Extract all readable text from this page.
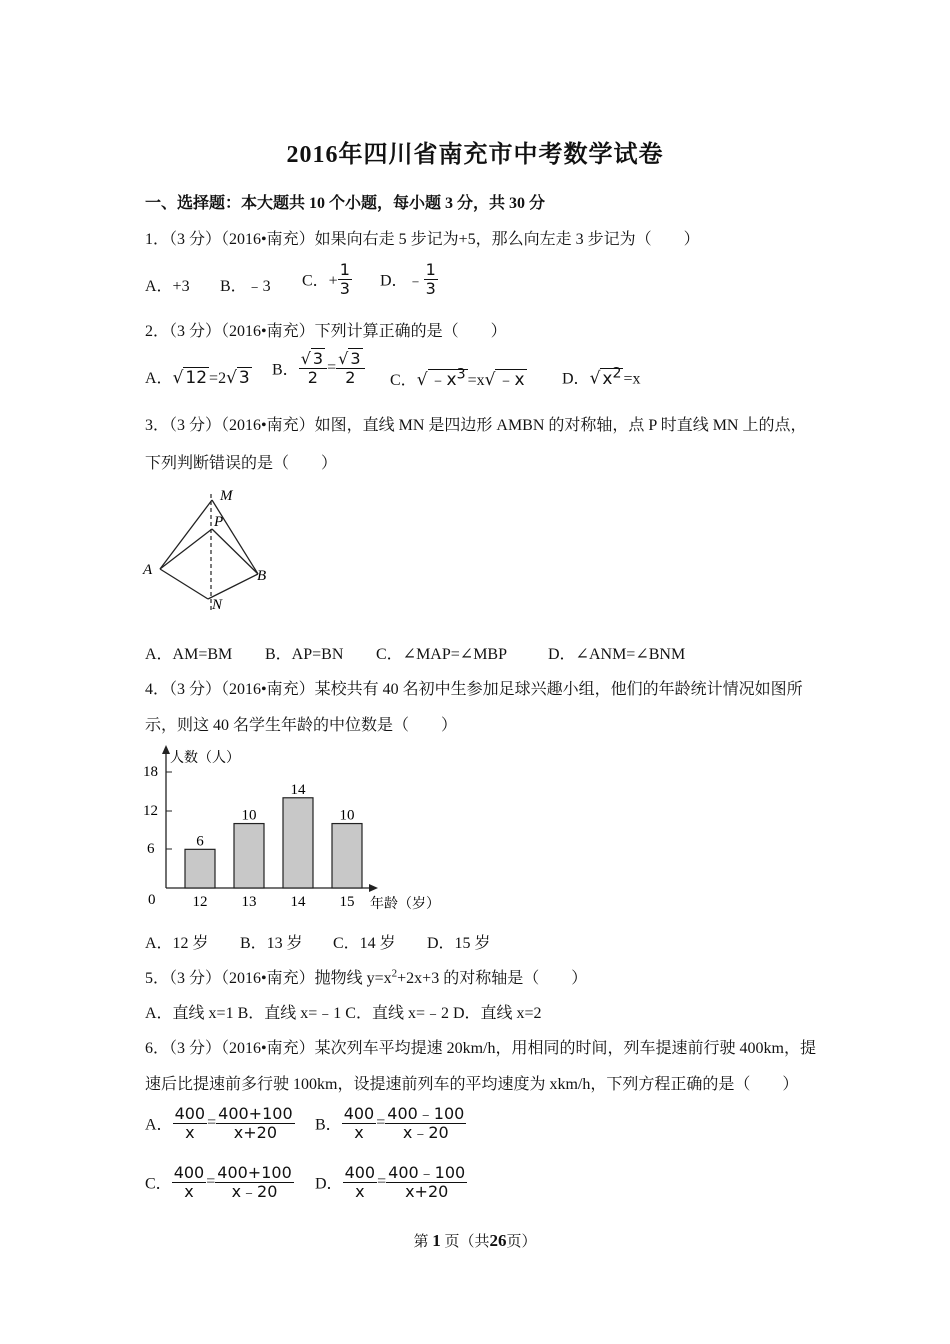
2016年四川省南充市中考数学试卷
一、选择题：本大题共 10 个小题，每小题 3 分，共 30 分
1．（3 分）（2016•南充）如果向右走 5 步记为+5，那么向左走 3 步记为（　　）
A．+3 B．﹣3 C．+ $\frac{1}{3}$ D．﹣ $\frac{1}{3}$
2．（3 分）（2016•南充）下列计算正确的是（　　）
A．√ 12 =2√ 3 B． $\frac{√ 3}{2} = \frac{√ 3}{2}$ C．√ $﹣x^3 =x√$ ﹣x D．√ $x^2 =x$
3．（3 分）（2016•南充）如图，直线 MN 是四边形 AMBN 的对称轴，点 P 时直线 MN 上的点，
下列判断错误的是（　　）
M
P
A	B
N
A．AM=BM B．AP=BN C．∠MAP=∠MBP	D．∠ANM=∠BNM
4．（3 分）（2016•南充）某校共有 40 名初中生参加足球兴趣小组，他们的年龄统计情况如图所
示，则这 40 名学生年龄的中位数是（　　）
人数（人）
年龄（岁）
0
6
12
18
6
12
10
13
14
14
10
15
A．12 岁 B．13 岁 C．14 岁 D．15 岁
5．（3 分）（2016•南充）抛物线 $y=x^2+2x+3$ 的对称轴是（　　）
A．直线 x=1 B．直线 x=﹣1 C．直线 x=﹣2 D．直线 x=2
6．（3 分）（2016•南充）某次列车平均提速 20km/h，用相同的时间，列车提速前行驶 400km，提
速后比提速前多行驶 100km，设提速前列车的平均速度为 xkm/h，下列方程正确的是（　　）
A． $\frac{400}{x} = \frac{400+100}{x+20}$ B． $\frac{400}{x} = \frac{400﹣100}{x﹣20}$
C． $\frac{400}{x} = \frac{400+100}{x﹣20}$ D． $\frac{400}{x} = \frac{400﹣100}{x+20}$
第 1 页（共26页）
